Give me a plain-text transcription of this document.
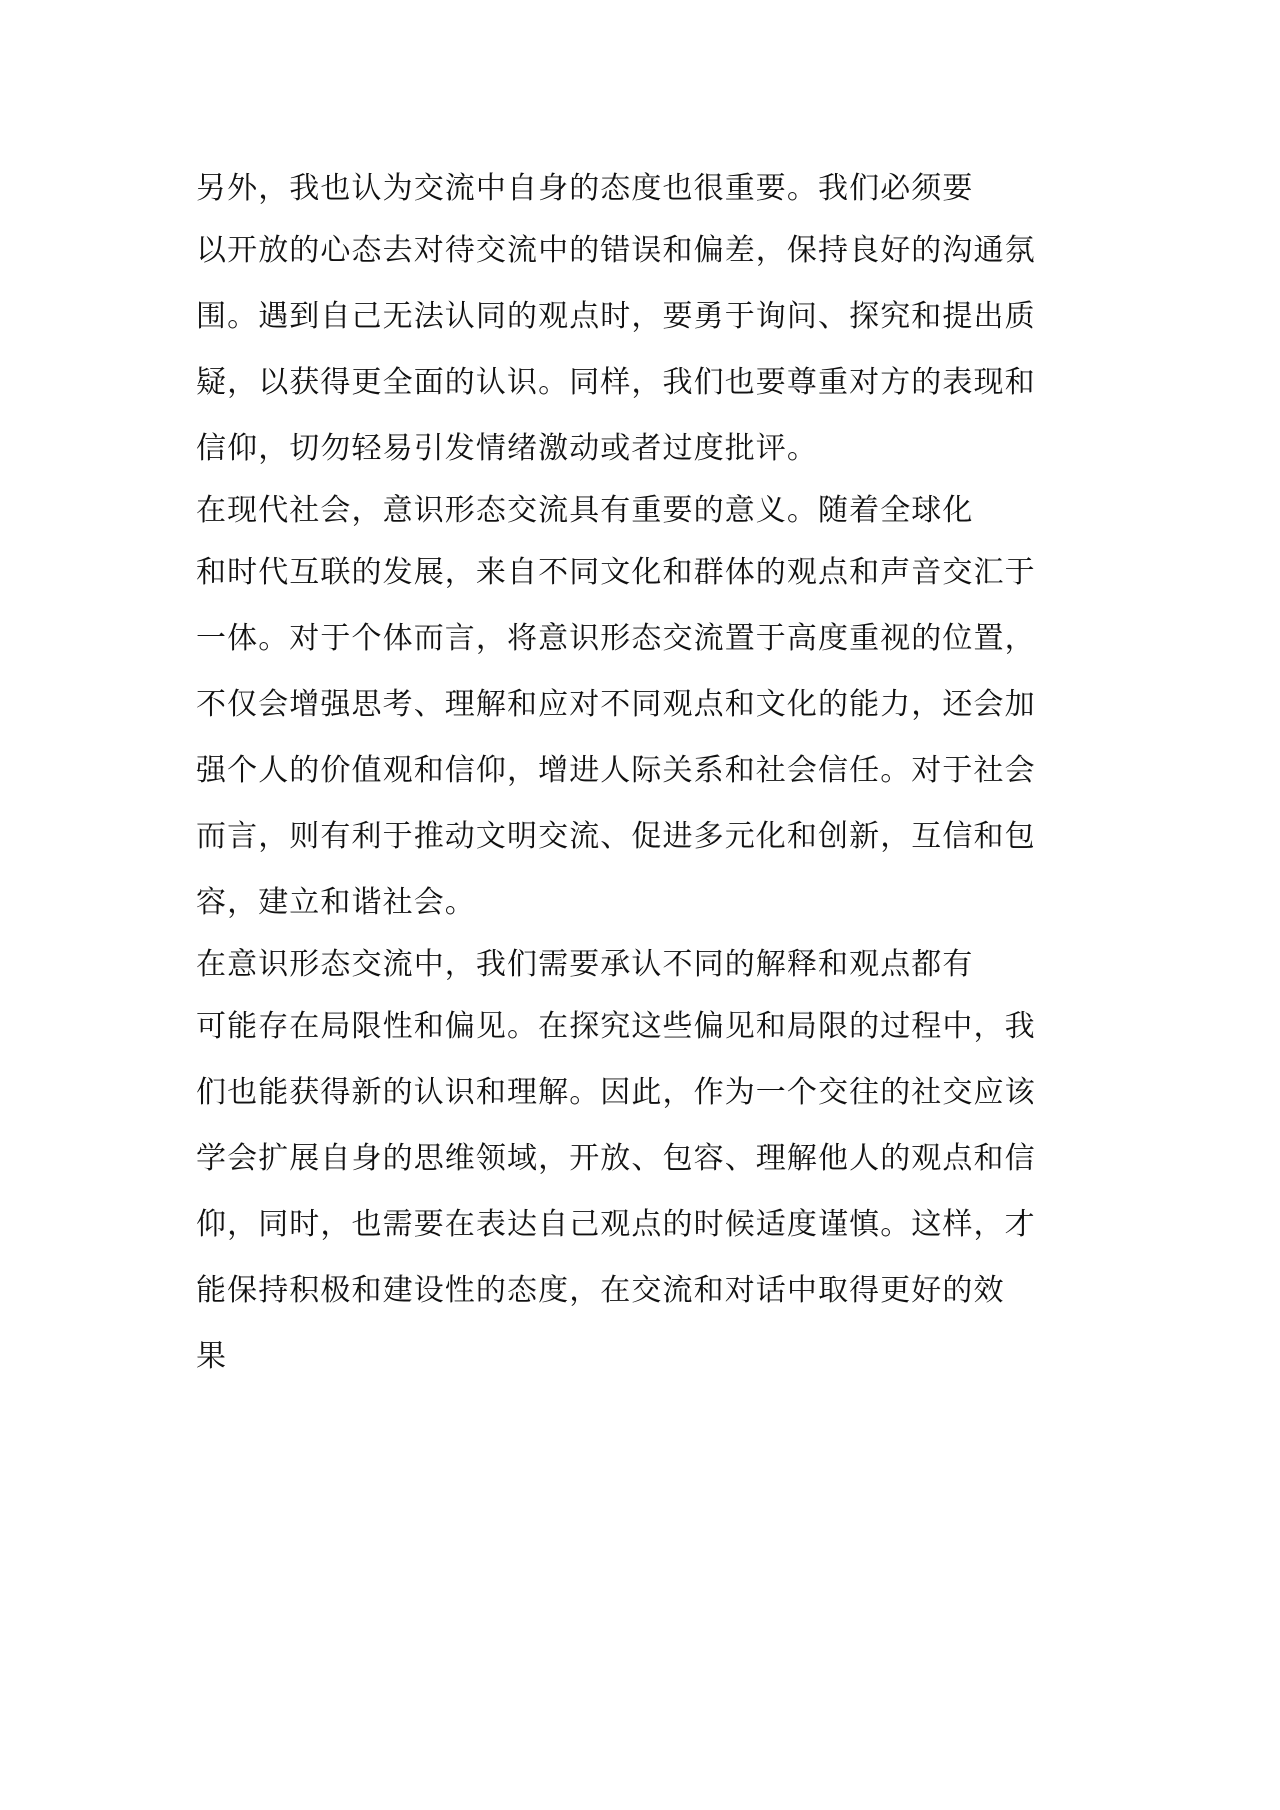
另外，我也认为交流中自身的态度也很重要。我们必须要
以开放的心态去对待交流中的错误和偏差，保持良好的沟通氛
围。遇到自己无法认同的观点时，要勇于询问、探究和提出质
疑，以获得更全面的认识。同样，我们也要尊重对方的表现和
信仰，切勿轻易引发情绪激动或者过度批评。
在现代社会，意识形态交流具有重要的意义。随着全球化
和时代互联的发展，来自不同文化和群体的观点和声音交汇于
一体。对于个体而言，将意识形态交流置于高度重视的位置，
不仅会增强思考、理解和应对不同观点和文化的能力，还会加
强个人的价值观和信仰，增进人际关系和社会信任。对于社会
而言，则有利于推动文明交流、促进多元化和创新，互信和包
容，建立和谐社会。
在意识形态交流中，我们需要承认不同的解释和观点都有
可能存在局限性和偏见。在探究这些偏见和局限的过程中，我
们也能获得新的认识和理解。因此，作为一个交往的社交应该
学会扩展自身的思维领域，开放、包容、理解他人的观点和信
仰，同时，也需要在表达自己观点的时候适度谨慎。这样，才
能保持积极和建设性的态度，在交流和对话中取得更好的效
果
